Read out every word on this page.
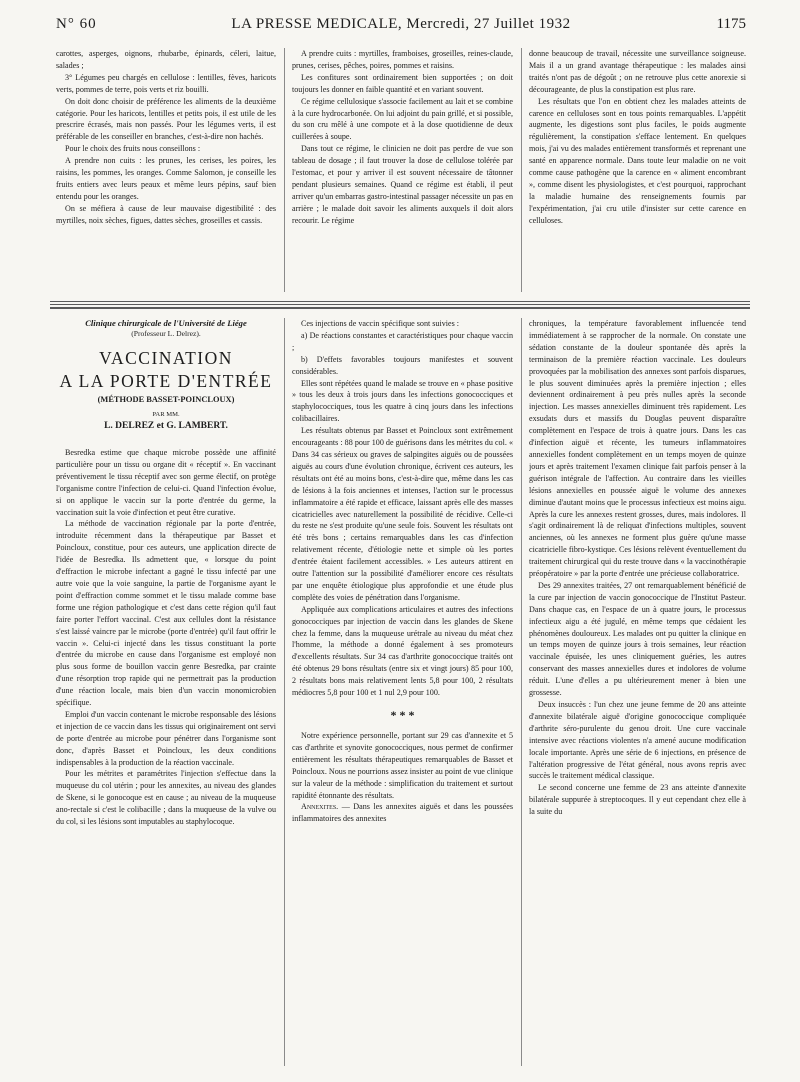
N° 60	LA PRESSE MEDICALE, Mercredi, 27 Juillet 1932	1175

carottes, asperges, oignons, rhubarbe, épinards, céleri, laitue, salades ;

3° Légumes peu chargés en cellulose : lentilles, fèves, haricots verts, pommes de terre, pois verts et riz bouilli.

On doit donc choisir de préférence les aliments de la deuxième catégorie. Pour les haricots, lentilles et petits pois, il est utile de les prescrire écrasés, mais non passés. Pour les légumes verts, il est préférable de les conseiller en branches, c'est-à-dire non hachés.

Pour le choix des fruits nous conseillons :

A prendre non cuits : les prunes, les cerises, les poires, les raisins, les pommes, les oranges. Comme Salomon, je conseille les fruits entiers avec leurs peaux et même leurs pépins, sauf bien entendu pour les oranges.

On se méfiera à cause de leur mauvaise digestibilité : des myrtilles, noix sèches, figues, dattes sèches, groseilles et cassis.

A prendre cuits : myrtilles, framboises, groseilles, reines-claude, prunes, cerises, pêches, poires, pommes et raisins.

Les confitures sont ordinairement bien supportées ; on doit toujours les donner en faible quantité et en variant souvent.

Ce régime cellulosique s'associe facilement au lait et se combine à la cure hydrocarbonée. On lui adjoint du pain grillé, et si possible, du son cru mêlé à une compote et à la dose quotidienne de deux cuillerées à soupe.

Dans tout ce régime, le clinicien ne doit pas perdre de vue son tableau de dosage ; il faut trouver la dose de cellulose tolérée par l'estomac, et pour y arriver il est souvent nécessaire de tâtonner pendant plusieurs semaines. Quand ce régime est établi, il peut arriver qu'un embarras gastro-intestinal passager nécessite un pas en arrière ; le malade doit savoir les aliments auxquels il doit alors recourir. Le régime

donne beaucoup de travail, nécessite une surveillance soigneuse. Mais il a un grand avantage thérapeutique : les malades ainsi traités n'ont pas de dégoût ; on ne retrouve plus cette anorexie si décourageante, de plus la constipation est plus rare.

Les résultats que l'on en obtient chez les malades atteints de carence en celluloses sont en tous points remarquables. L'appétit augmente, les digestions sont plus faciles, le poids augmente régulièrement, la constipation s'efface lentement. En quelques mois, j'ai vu des malades entièrement transformés et reprenant une santé en apparence normale. Dans toute leur maladie on ne voit comme cause pathogène que la carence en « aliment encombrant », comme disent les physiologistes, et c'est pourquoi, rapprochant la maladie humaine des renseignements fournis par l'expérimentation, j'ai cru utile d'insister sur cette carence en celluloses.

Clinique chirurgicale de l'Université de Liége
(Professeur L. Delrez).
VACCINATION
A LA PORTE D'ENTRÉE
(MÉTHODE BASSET-POINCLOUX)
PAR MM.
L. DELREZ et G. LAMBERT.

Besredka estime que chaque microbe possède une affinité particulière pour un tissu ou organe dit « réceptif ». En vaccinant préventivement le tissu réceptif avec son germe électif, on protège l'organisme contre l'infection de celui-ci. Quand l'infection évolue, si on applique le vaccin sur la porte d'entrée du germe, la vaccination suit la voie d'infection et peut être curative.

La méthode de vaccination régionale par la porte d'entrée, introduite récemment dans la thérapeutique par Basset et Poincloux, constitue, pour ces auteurs, une application directe de l'idée de Besredka. Ils admettent que, « lorsque du point d'effraction le microbe infectant a gagné le tissu infecté par une autre voie que la voie sanguine, la partie de l'organisme ayant le point d'effraction comme sommet et le tissu malade comme base forme une région pathologique et c'est dans cette région qu'il faut faire porter l'effort vaccinal. C'est aux cellules dont la résistance s'est laissé vaincre par le microbe (porte d'entrée) qu'il faut offrir le vaccin ». Celui-ci injecté dans les tissus constituant la porte d'entrée du microbe en cause dans l'organisme est employé non plus sous forme de bouillon vaccin genre Besredka, par crainte d'une résorption trop rapide qui ne permettrait pas la production d'une réaction locale, mais bien d'un vaccin monomicrobien spécifique.

Emploi d'un vaccin contenant le microbe responsable des lésions et injection de ce vaccin dans les tissus qui originairement ont servi de porte d'entrée au microbe pour pénétrer dans l'organisme sont donc, d'après Basset et Poincloux, les deux conditions indispensables à la production de la réaction vaccinale.

Pour les métrites et paramétrites l'injection s'effectue dans la muqueuse du col utérin ; pour les annexites, au niveau des glandes de Skene, si le gonocoque est en cause ; au niveau de la muqueuse ano-rectale si c'est le colibacille ; dans la muqueuse de la vulve ou du col, si les lésions sont imputables au staphylocoque.

Ces injections de vaccin spécifique sont suivies :

a) De réactions constantes et caractéristiques pour chaque vaccin ;

b) D'effets favorables toujours manifestes et souvent considérables.

Elles sont répétées quand le malade se trouve en « phase positive » tous les deux à trois jours dans les infections gonococciques et staphylococciques, tous les quatre à cinq jours dans les infections colibacillaires.

Les résultats obtenus par Basset et Poincloux sont extrêmement encourageants : 88 pour 100 de guérisons dans les métrites du col. « Dans 34 cas sérieux ou graves de salpingites aiguës ou de poussées aiguës au cours d'une évolution chronique, écrivent ces auteurs, les résultats ont été au moins bons, c'est-à-dire que, même dans les cas de lésions à la fois anciennes et intenses, l'action sur le processus inflammatoire a été rapide et efficace, laissant après elle des masses cicatricielles avec naturellement la possibilité de récidive. Celle-ci du reste ne s'est produite qu'une seule fois. Souvent les résultats ont été très bons ; certains remarquables dans les cas d'infection relativement récente, d'étiologie nette et simple où les portes d'entrée étaient facilement accessibles. » Les auteurs attirent en outre l'attention sur la possibilité d'améliorer encore ces résultats par une enquête étiologique plus approfondie et une étude plus complète des voies de pénétration dans l'organisme.

Appliquée aux complications articulaires et autres des infections gonococciques par injection de vaccin dans les glandes de Skene chez la femme, dans la muqueuse urétrale au niveau du méat chez l'homme, la méthode a donné également à ses promoteurs d'excellents résultats. Sur 34 cas d'arthrite gonococcique traités ont été obtenus 29 bons résultats (entre six et vingt jours) 85 pour 100, 2 résultats bons mais relativement lents 5,8 pour 100, 2 résultats médiocres 5,8 pour 100 et 1 nul 2,9 pour 100.

* * *

Notre expérience personnelle, portant sur 29 cas d'annexite et 5 cas d'arthrite et synovite gonococciques, nous permet de confirmer entièrement les résultats thérapeutiques remarquables de Basset et Poincloux. Nous ne pourrions assez insister au point de vue clinique sur la valeur de la méthode : simplification du traitement et surtout rapidité étonnante des résultats.

Annexites. — Dans les annexites aiguës et dans les poussées inflammatoires des annexites

chroniques, la température favorablement influencée tend immédiatement à se rapprocher de la normale. On constate une sédation constante de la douleur spontanée dès après la terminaison de la première réaction vaccinale. Les douleurs provoquées par la mobilisation des annexes sont parfois disparues, le plus souvent diminuées après la première injection ; elles deviennent ordinairement à peu près nulles après la seconde injection. Les masses annexielles diminuent très rapidement. Les exsudats durs et massifs du Douglas peuvent disparaître complètement en l'espace de trois à quatre jours. Dans les cas d'infection aiguë et récente, les tumeurs inflammatoires annexielles fondent complètement en un temps moyen de quinze jours et après traitement l'examen clinique fait parfois penser à la guérison intégrale de l'affection. Au contraire dans les vieilles lésions annexielles en poussée aiguë le volume des annexes diminue d'autant moins que le processus infectieux est moins aigu. Après la cure les annexes restent grosses, dures, mais indolores. Il s'agit ordinairement là de reliquat d'infections multiples, souvent anciennes, où les annexes ne forment plus guère qu'une masse cicatricielle fibro-kystique. Ces lésions relèvent éventuellement du traitement chirurgical qui du reste trouve dans « la vaccinothérapie préopératoire » par la porte d'entrée une précieuse collaboratrice.

Des 29 annexites traitées, 27 ont remarquablement bénéficié de la cure par injection de vaccin gonococcique de l'Institut Pasteur. Dans chaque cas, en l'espace de un à quatre jours, le processus infectieux aigu a été jugulé, en même temps que cédaient les phénomènes douloureux. Les malades ont pu quitter la clinique en un temps moyen de quinze jours à trois semaines, leur réaction vaccinale épuisée, les unes cliniquement guéries, les autres conservant des masses annexielles dures et indolores de volume réduit. L'une d'elles a pu ultérieurement mener à bien une grossesse.

Deux insuccès : l'un chez une jeune femme de 20 ans atteinte d'annexite bilatérale aiguë d'origine gonococcique compliquée d'arthrite séro-purulente du genou droit. Une cure vaccinale intensive avec réactions violentes n'a amené aucune modification locale importante. Après une série de 6 injections, en présence de l'altération progressive de l'état général, nous avons repris avec succès le traitement médical classique.

Le second concerne une femme de 23 ans atteinte d'annexite bilatérale suppurée à streptocoques. Il y eut cependant chez elle à la suite du
